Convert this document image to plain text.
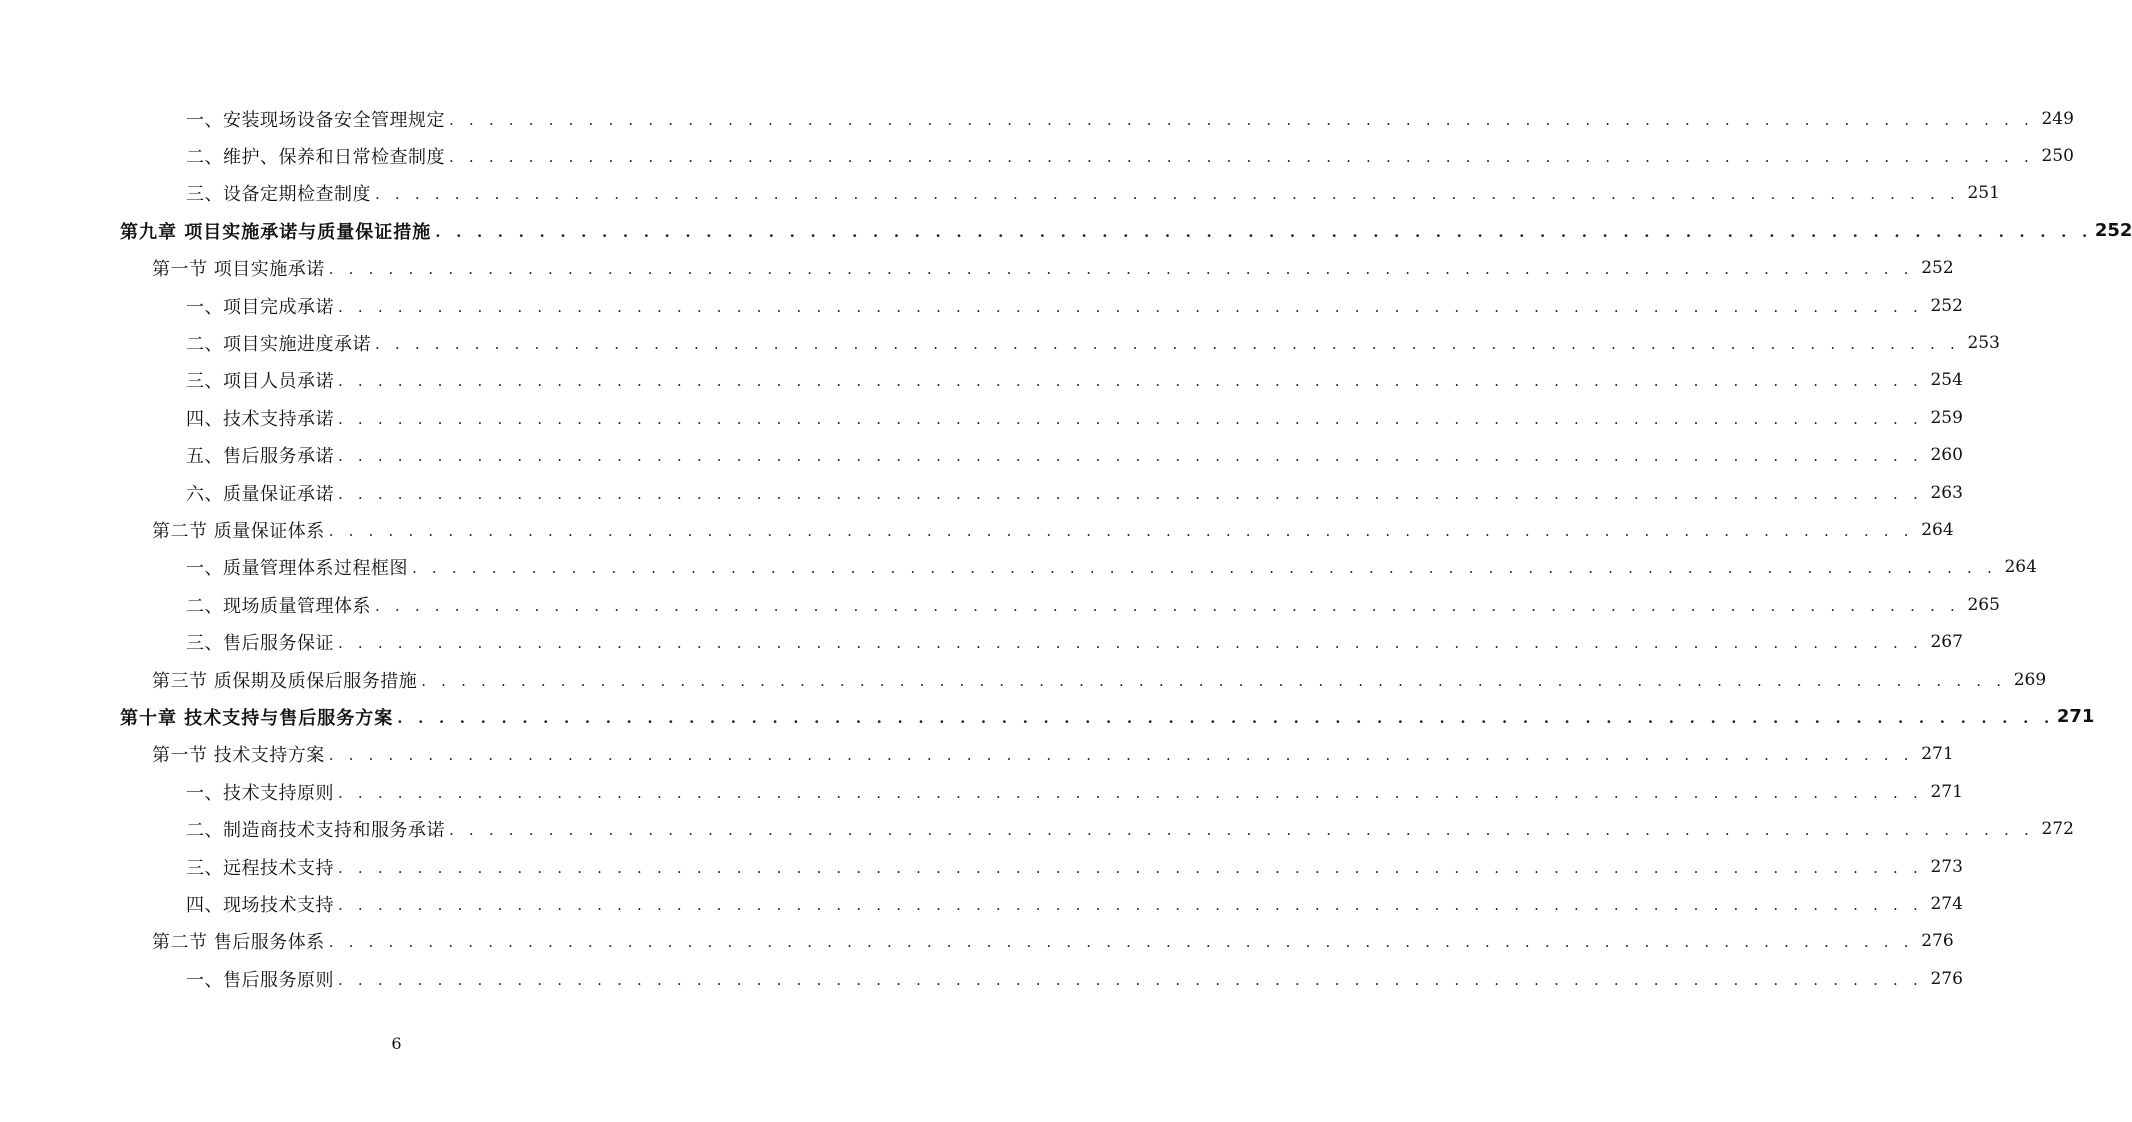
一、安装现场设备安全管理规定 . . . . . . . . . . . . . . . . . . . . . . . . . . . . . . . . . . . . . . . . . . . . . . . . . . . . . . . . . . . . . . . . . . . . . . . . . . . . . . . . 249
二、维护、保养和日常检查制度 . . . . . . . . . . . . . . . . . . . . . . . . . . . . . . . . . . . . . . . . . . . . . . . . . . . . . . . . . . . . . . . . . . . . . . . . . . . . . . . . 250
三、设备定期检查制度 . . . . . . . . . . . . . . . . . . . . . . . . . . . . . . . . . . . . . . . . . . . . . . . . . . . . . . . . . . . . . . . . . . . . . . . . . . . . . . . . 251
第九章 项目实施承诺与质量保证措施 . . . . . . . . . . . . . . . . . . . . . . . . . . . . . . . . . . . . . . . . . . . . . . . . . . . . . . . . . . . . . . . . . . . . . . . . . . . . . . . . 252
第一节 项目实施承诺 . . . . . . . . . . . . . . . . . . . . . . . . . . . . . . . . . . . . . . . . . . . . . . . . . . . . . . . . . . . . . . . . . . . . . . . . . . . . . . . . 252
一、项目完成承诺 . . . . . . . . . . . . . . . . . . . . . . . . . . . . . . . . . . . . . . . . . . . . . . . . . . . . . . . . . . . . . . . . . . . . . . . . . . . . . . . . 252
二、项目实施进度承诺 . . . . . . . . . . . . . . . . . . . . . . . . . . . . . . . . . . . . . . . . . . . . . . . . . . . . . . . . . . . . . . . . . . . . . . . . . . . . . . . . 253
三、项目人员承诺 . . . . . . . . . . . . . . . . . . . . . . . . . . . . . . . . . . . . . . . . . . . . . . . . . . . . . . . . . . . . . . . . . . . . . . . . . . . . . . . . 254
四、技术支持承诺 . . . . . . . . . . . . . . . . . . . . . . . . . . . . . . . . . . . . . . . . . . . . . . . . . . . . . . . . . . . . . . . . . . . . . . . . . . . . . . . . 259
五、售后服务承诺 . . . . . . . . . . . . . . . . . . . . . . . . . . . . . . . . . . . . . . . . . . . . . . . . . . . . . . . . . . . . . . . . . . . . . . . . . . . . . . . . 260
六、质量保证承诺 . . . . . . . . . . . . . . . . . . . . . . . . . . . . . . . . . . . . . . . . . . . . . . . . . . . . . . . . . . . . . . . . . . . . . . . . . . . . . . . . 263
第二节 质量保证体系 . . . . . . . . . . . . . . . . . . . . . . . . . . . . . . . . . . . . . . . . . . . . . . . . . . . . . . . . . . . . . . . . . . . . . . . . . . . . . . . . 264
一、质量管理体系过程框图 . . . . . . . . . . . . . . . . . . . . . . . . . . . . . . . . . . . . . . . . . . . . . . . . . . . . . . . . . . . . . . . . . . . . . . . . . . . . . . . . 264
二、现场质量管理体系 . . . . . . . . . . . . . . . . . . . . . . . . . . . . . . . . . . . . . . . . . . . . . . . . . . . . . . . . . . . . . . . . . . . . . . . . . . . . . . . . 265
三、售后服务保证 . . . . . . . . . . . . . . . . . . . . . . . . . . . . . . . . . . . . . . . . . . . . . . . . . . . . . . . . . . . . . . . . . . . . . . . . . . . . . . . . 267
第三节 质保期及质保后服务措施 . . . . . . . . . . . . . . . . . . . . . . . . . . . . . . . . . . . . . . . . . . . . . . . . . . . . . . . . . . . . . . . . . . . . . . . . . . . . . . . . 269
第十章 技术支持与售后服务方案 . . . . . . . . . . . . . . . . . . . . . . . . . . . . . . . . . . . . . . . . . . . . . . . . . . . . . . . . . . . . . . . . . . . . . . . . . . . . . . . . 271
第一节 技术支持方案 . . . . . . . . . . . . . . . . . . . . . . . . . . . . . . . . . . . . . . . . . . . . . . . . . . . . . . . . . . . . . . . . . . . . . . . . . . . . . . . . 271
一、技术支持原则 . . . . . . . . . . . . . . . . . . . . . . . . . . . . . . . . . . . . . . . . . . . . . . . . . . . . . . . . . . . . . . . . . . . . . . . . . . . . . . . . 271
二、制造商技术支持和服务承诺 . . . . . . . . . . . . . . . . . . . . . . . . . . . . . . . . . . . . . . . . . . . . . . . . . . . . . . . . . . . . . . . . . . . . . . . . . . . . . . . . 272
三、远程技术支持 . . . . . . . . . . . . . . . . . . . . . . . . . . . . . . . . . . . . . . . . . . . . . . . . . . . . . . . . . . . . . . . . . . . . . . . . . . . . . . . . 273
四、现场技术支持 . . . . . . . . . . . . . . . . . . . . . . . . . . . . . . . . . . . . . . . . . . . . . . . . . . . . . . . . . . . . . . . . . . . . . . . . . . . . . . . . 274
第二节 售后服务体系 . . . . . . . . . . . . . . . . . . . . . . . . . . . . . . . . . . . . . . . . . . . . . . . . . . . . . . . . . . . . . . . . . . . . . . . . . . . . . . . . 276
一、售后服务原则 . . . . . . . . . . . . . . . . . . . . . . . . . . . . . . . . . . . . . . . . . . . . . . . . . . . . . . . . . . . . . . . . . . . . . . . . . . . . . . . . 276
6
